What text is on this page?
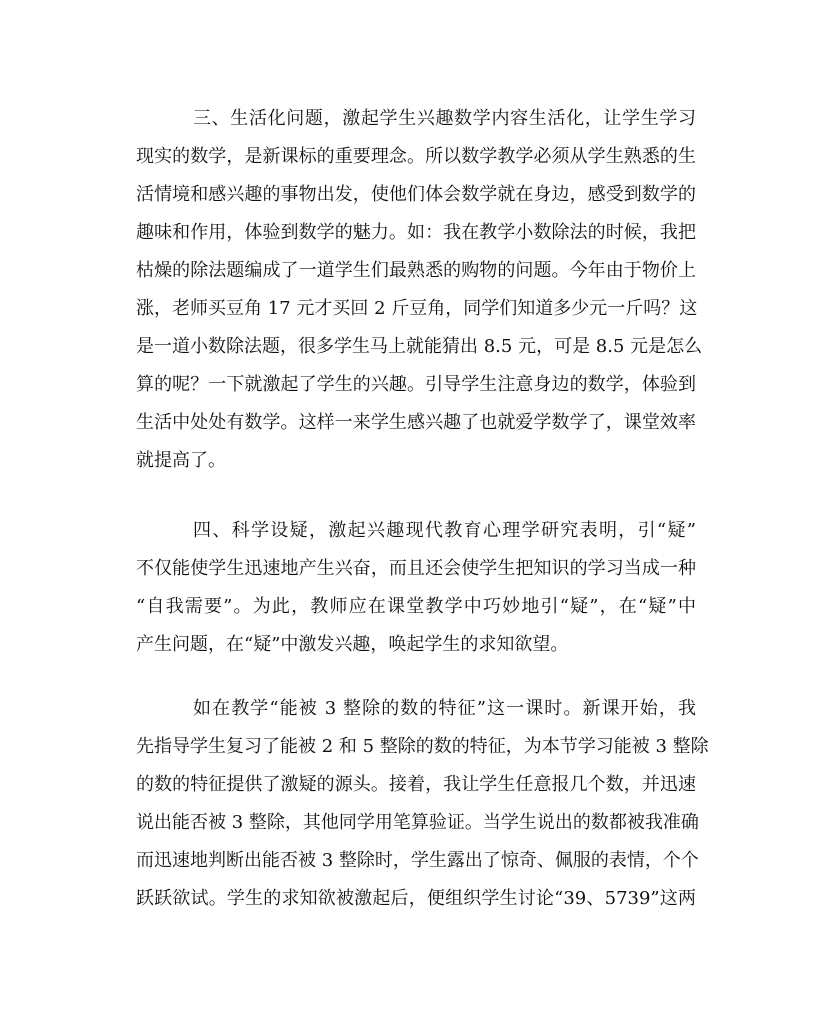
三、生活化问题，激起学生兴趣数学内容生活化，让学生学习
现实的数学，是新课标的重要理念。所以数学教学必须从学生熟悉的生
活情境和感兴趣的事物出发，使他们体会数学就在身边，感受到数学的
趣味和作用，体验到数学的魅力。如：我在教学小数除法的时候，我把
枯燥的除法题编成了一道学生们最熟悉的购物的问题。今年由于物价上
涨，老师买豆角 17 元才买回 2 斤豆角，同学们知道多少元一斤吗？这
是一道小数除法题，很多学生马上就能猜出 8.5 元，可是 8.5 元是怎么
算的呢？一下就激起了学生的兴趣。引导学生注意身边的数学，体验到
生活中处处有数学。这样一来学生感兴趣了也就爱学数学了，课堂效率
就提高了。
四、科学设疑，激起兴趣现代教育心理学研究表明，引“疑”
不仅能使学生迅速地产生兴奋，而且还会使学生把知识的学习当成一种
“自我需要”。为此，教师应在课堂教学中巧妙地引“疑”，在“疑”中
产生问题，在“疑”中激发兴趣，唤起学生的求知欲望。
如在教学“能被 3 整除的数的特征”这一课时。新课开始，我
先指导学生复习了能被 2 和 5 整除的数的特征，为本节学习能被 3 整除
的数的特征提供了激疑的源头。接着，我让学生任意报几个数，并迅速
说出能否被 3 整除，其他同学用笔算验证。当学生说出的数都被我准确
而迅速地判断出能否被 3 整除时，学生露出了惊奇、佩服的表情，个个
跃跃欲试。学生的求知欲被激起后，便组织学生讨论“39、5739”这两
